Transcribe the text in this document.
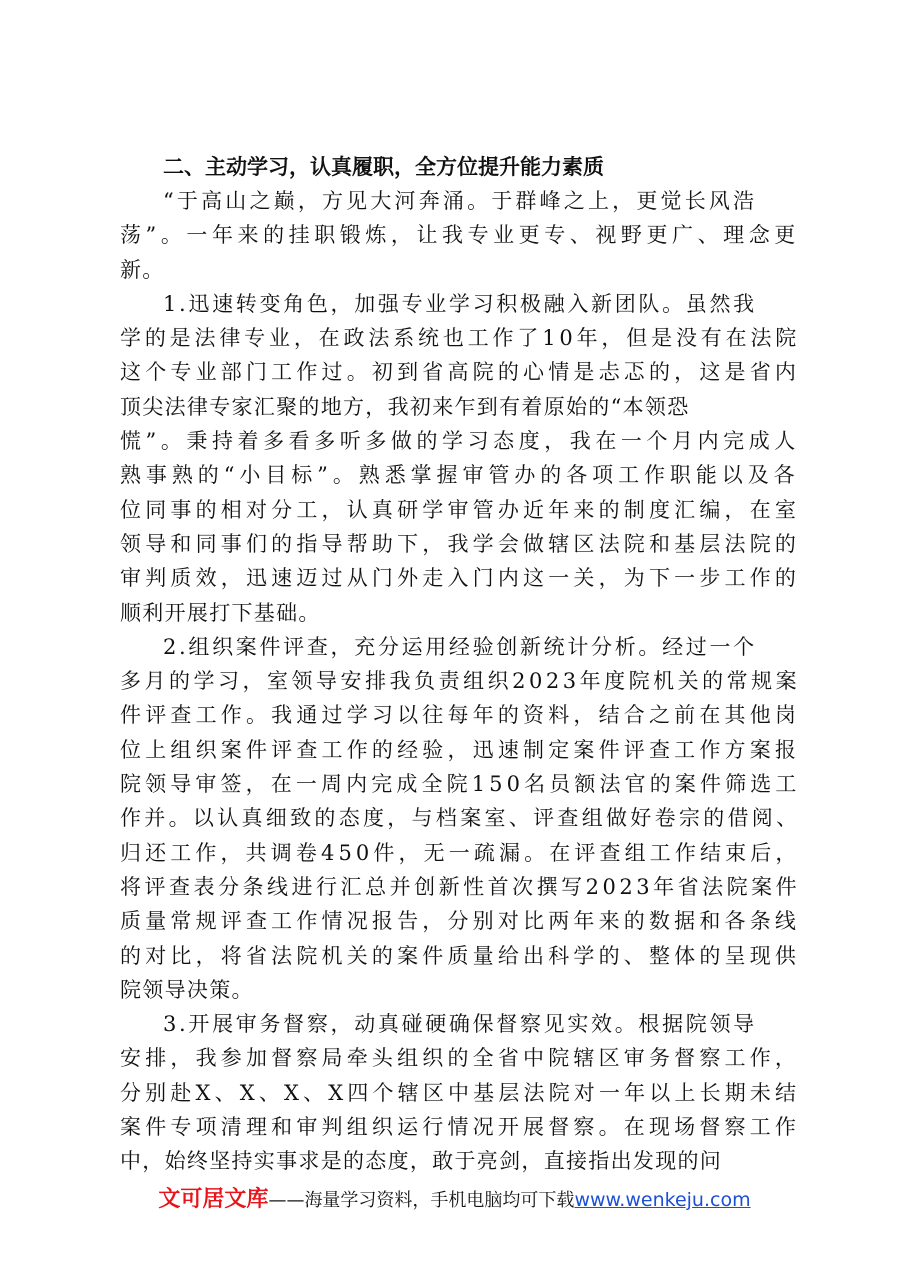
二、主动学习，认真履职，全方位提升能力素质

“于高山之巅，方见大河奔涌。于群峰之上，更觉长风浩
荡”。一年来的挂职锻炼，让我专业更专、视野更广、理念更
新。

1.迅速转变角色，加强专业学习积极融入新团队。虽然我
学的是法律专业，在政法系统也工作了10年，但是没有在法院
这个专业部门工作过。初到省高院的心情是忐忑的，这是省内
顶尖法律专家汇聚的地方，我初来乍到有着原始的“本领恐
慌”。秉持着多看多听多做的学习态度，我在一个月内完成人
熟事熟的“小目标”。熟悉掌握审管办的各项工作职能以及各
位同事的相对分工，认真研学审管办近年来的制度汇编，在室
领导和同事们的指导帮助下，我学会做辖区法院和基层法院的
审判质效，迅速迈过从门外走入门内这一关，为下一步工作的
顺利开展打下基础。

2.组织案件评查，充分运用经验创新统计分析。经过一个
多月的学习，室领导安排我负责组织2023年度院机关的常规案
件评查工作。我通过学习以往每年的资料，结合之前在其他岗
位上组织案件评查工作的经验，迅速制定案件评查工作方案报
院领导审签，在一周内完成全院150名员额法官的案件筛选工
作并。以认真细致的态度，与档案室、评查组做好卷宗的借阅、
归还工作，共调卷450件，无一疏漏。在评查组工作结束后，
将评查表分条线进行汇总并创新性首次撰写2023年省法院案件
质量常规评查工作情况报告，分别对比两年来的数据和各条线
的对比，将省法院机关的案件质量给出科学的、整体的呈现供
院领导决策。

3.开展审务督察，动真碰硬确保督察见实效。根据院领导
安排，我参加督察局牵头组织的全省中院辖区审务督察工作，
分别赴X、X、X、X四个辖区中基层法院对一年以上长期未结
案件专项清理和审判组织运行情况开展督察。在现场督察工作
中，始终坚持实事求是的态度，敢于亮剑，直接指出发现的问

文可居文库——海量学习资料，手机电脑均可下载www.wenkeju.com
